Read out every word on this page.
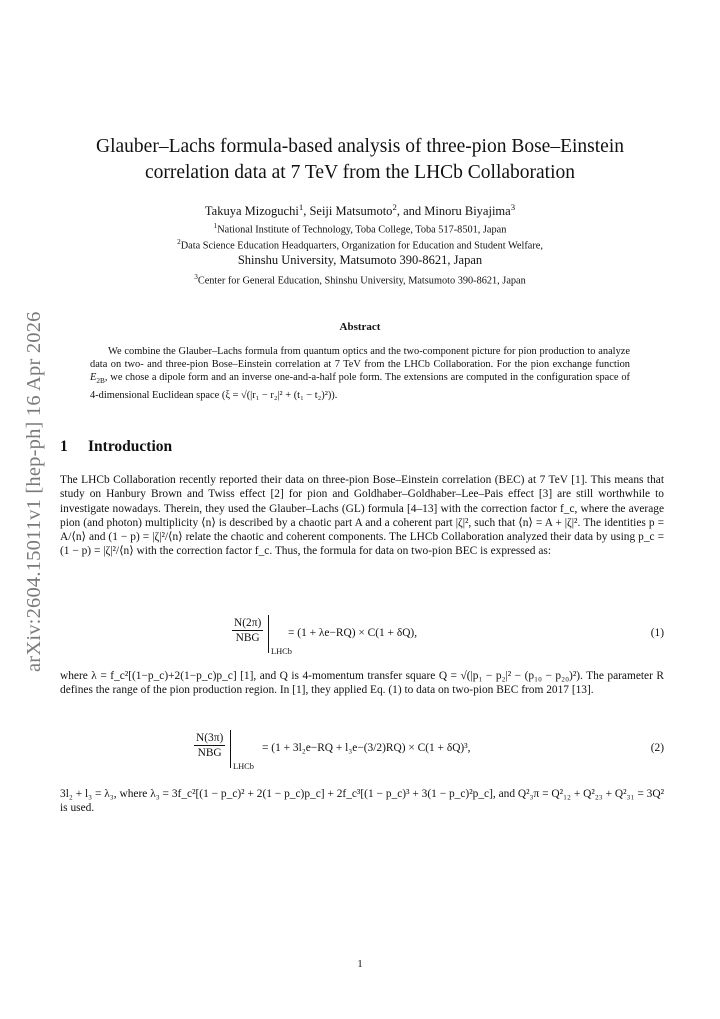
arXiv:2604.15011v1 [hep-ph] 16 Apr 2026
Glauber–Lachs formula-based analysis of three-pion Bose–Einstein
correlation data at 7 TeV from the LHCb Collaboration
Takuya Mizoguchi$^1$, Seiji Matsumoto$^2$, and Minoru Biyajima$^3$
$^1$National Institute of Technology, Toba College, Toba 517-8501, Japan
$^2$Data Science Education Headquarters, Organization for Education and Student Welfare,
Shinshu University, Matsumoto 390-8621, Japan
$^3$Center for General Education, Shinshu University, Matsumoto 390-8621, Japan
Abstract
We combine the Glauber–Lachs formula from quantum optics and the two-component picture for pion production to analyze data on two- and three-pion Bose–Einstein correlation at 7 TeV from the LHCb Collaboration. For the pion exchange function $E_{2B}$, we chose a dipole form and an inverse one-and-a-half pole form. The extensions are computed in the configuration space of 4-dimensional Euclidean space (ξ = √(|r₁ − r₂|² + (t₁ − t₂)²)).
1 Introduction
The LHCb Collaboration recently reported their data on three-pion Bose–Einstein correlation (BEC) at 7 TeV [1]. This means that study on Hanbury Brown and Twiss effect [2] for pion and Goldhaber–Goldhaber–Lee–Pais effect [3] are still worthwhile to investigate nowadays. Therein, they used the Glauber–Lachs (GL) formula [4–13] with the correction factor f_c, where the average pion (and photon) multiplicity ⟨n⟩ is described by a chaotic part A and a coherent part |ζ|², such that ⟨n⟩ = A + |ζ|². The identities p = A/⟨n⟩ and (1 − p) = |ζ|²/⟨n⟩ relate the chaotic and coherent components. The LHCb Collaboration analyzed their data by using p_c = (1 − p) = |ζ|²/⟨n⟩ with the correction factor f_c. Thus, the formula for data on two-pion BEC is expressed as:
$\frac{N(2\pi)}{\text{NBG}}$
LHCb
= (1 + λe−RQ) × C(1 + δQ),	(1)
where λ = f_c²[(1−p_c)+2(1−p_c)p_c] [1], and Q is 4-momentum transfer square Q = √(|p₁ − p₂|² − (p₁₀ − p₂₀)²). The parameter R defines the range of the pion production region. In [1], they applied Eq. (1) to data on two-pion BEC from 2017 [13].
$\frac{N(3\pi)}{\text{NBG}}$
LHCb
= (1 + 3l₂e−RQ + l₃e−(3/2)RQ) × C(1 + δQ)³,	(2)
3l₂ + l₃ = λ₃, where λ₃ = 3f_c²[(1 − p_c)² + 2(1 − p_c)p_c] + 2f_c³[(1 − p_c)³ + 3(1 − p_c)²p_c], and Q²₃π = Q²₁₂ + Q²₂₃ + Q²₃₁ = 3Q² is used.
1
